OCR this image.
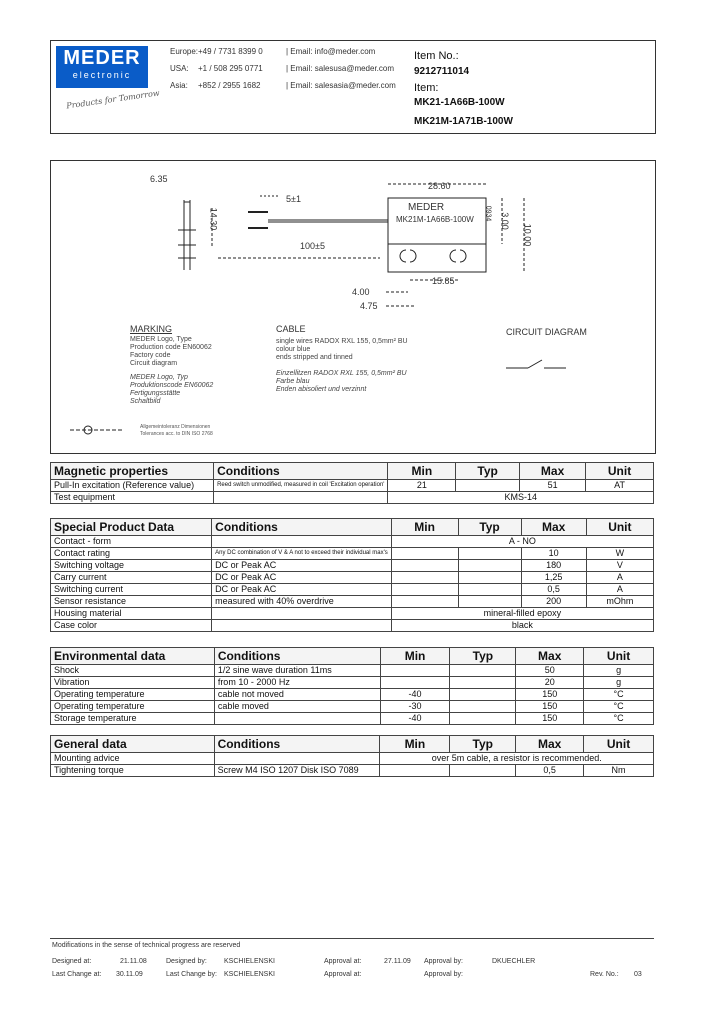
MEDER
electronic
Products for Tomorrow
Europe: +49 / 7731 8399 0	| Email: info@meder.com
USA: +1 / 508 295 0771	| Email: salesusa@meder.com
Asia: +852 / 2955 1682	| Email: salesasia@meder.com
Item No.:
9212711014
Item:
MK21-1A66B-100W
MK21M-1A71B-100W
6.35
14.30
5±1
100±5
28.60
MEDER
MK21M-1A66B-100W 0934 3.00
10.00
15.85
4.00
4.75
MARKING
MEDER Logo, Type
Production code EN60062
Factory code
Circuit diagram
MEDER Logo, Typ
Produktionscode EN60062
Fertigungsstätte
Schaltbild
CABLE
single wires RADOX RXL 155, 0,5mm² BU
colour blue
ends stripped and tinned
Einzellitzen RADOX RXL 155, 0,5mm² BU
Farbe blau
Enden abisoliert und verzinnt
CIRCUIT DIAGRAM
Allgemeintoleranz Dimensionen
Tolerances acc. to DIN ISO 2768
Magnetic properties	Conditions	Min	Typ	Max	Unit
Pull-In excitation (Reference value)	Reed switch unmodified, measured in coil 'Excitation operation'	21		51	AT
Test equipment		KMS-14			
Special Product Data	Conditions	Min	Typ	Max	Unit
Contact - form		A - NO			
Contact rating	Any DC combination of V & A not to exceed their individual max's			10	W
Switching voltage	DC or Peak AC			180	V
Carry current	DC or Peak AC			1,25	A
Switching current	DC or Peak AC			0,5	A
Sensor resistance	measured with 40% overdrive			200	mOhm
Housing material		mineral-filled epoxy			
Case color		black			
Environmental data	Conditions	Min	Typ	Max	Unit
Shock	1/2 sine wave duration 11ms			50	g
Vibration	from 10 - 2000 Hz			20	g
Operating temperature	cable not moved	-40		150	°C
Operating temperature	cable moved	-30		150	°C
Storage temperature		-40		150	°C
General data	Conditions	Min	Typ	Max	Unit
Mounting advice		over 5m cable, a resistor is recommended.			
Tightening torque	Screw M4 ISO 1207 Disk ISO 7089			0,5	Nm
Modifications in the sense of technical progress are reserved
Designed at:	21.11.08	Designed by: KSCHIELENSKI	Approval at:	27.11.09 Approval by:	DKUECHLER
Last Change at: 30.11.09	Last Change by: KSCHIELENSKI	Approval at:	Approval by:	Rev. No.: 03
